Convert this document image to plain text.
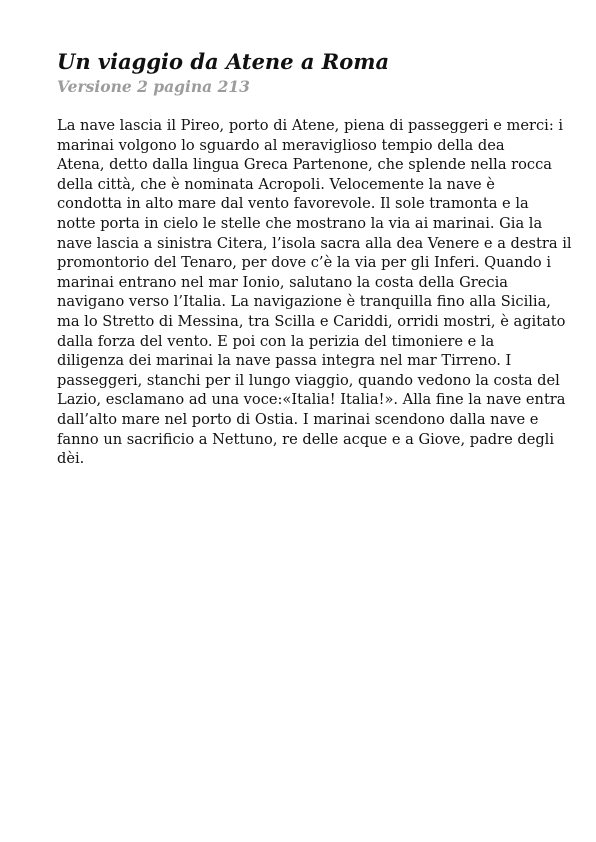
Un viaggio da Atene a Roma
Versione 2 pagina 213
La nave lascia il Pireo, porto di Atene, piena di passeggeri e merci: i
marinai volgono lo sguardo al meraviglioso tempio della dea
Atena, detto dalla lingua Greca Partenone, che splende nella rocca
della città, che è nominata Acropoli. Velocemente la nave è
condotta in alto mare dal vento favorevole. Il sole tramonta e la
notte porta in cielo le stelle che mostrano la via ai marinai. Gia la
nave lascia a sinistra Citera, l’isola sacra alla dea Venere e a destra il
promontorio del Tenaro, per dove c’è la via per gli Inferi. Quando i
marinai entrano nel mar Ionio, salutano la costa della Grecia
navigano verso l’Italia. La navigazione è tranquilla fino alla Sicilia,
ma lo Stretto di Messina, tra Scilla e Cariddi, orridi mostri, è agitato
dalla forza del vento. E poi con la perizia del timoniere e la
diligenza dei marinai la nave passa integra nel mar Tirreno. I
passeggeri, stanchi per il lungo viaggio, quando vedono la costa del
Lazio, esclamano ad una voce:«Italia! Italia!». Alla fine la nave entra
dall’alto mare nel porto di Ostia. I marinai scendono dalla nave e
fanno un sacrificio a Nettuno, re delle acque e a Giove, padre degli
dèi.
